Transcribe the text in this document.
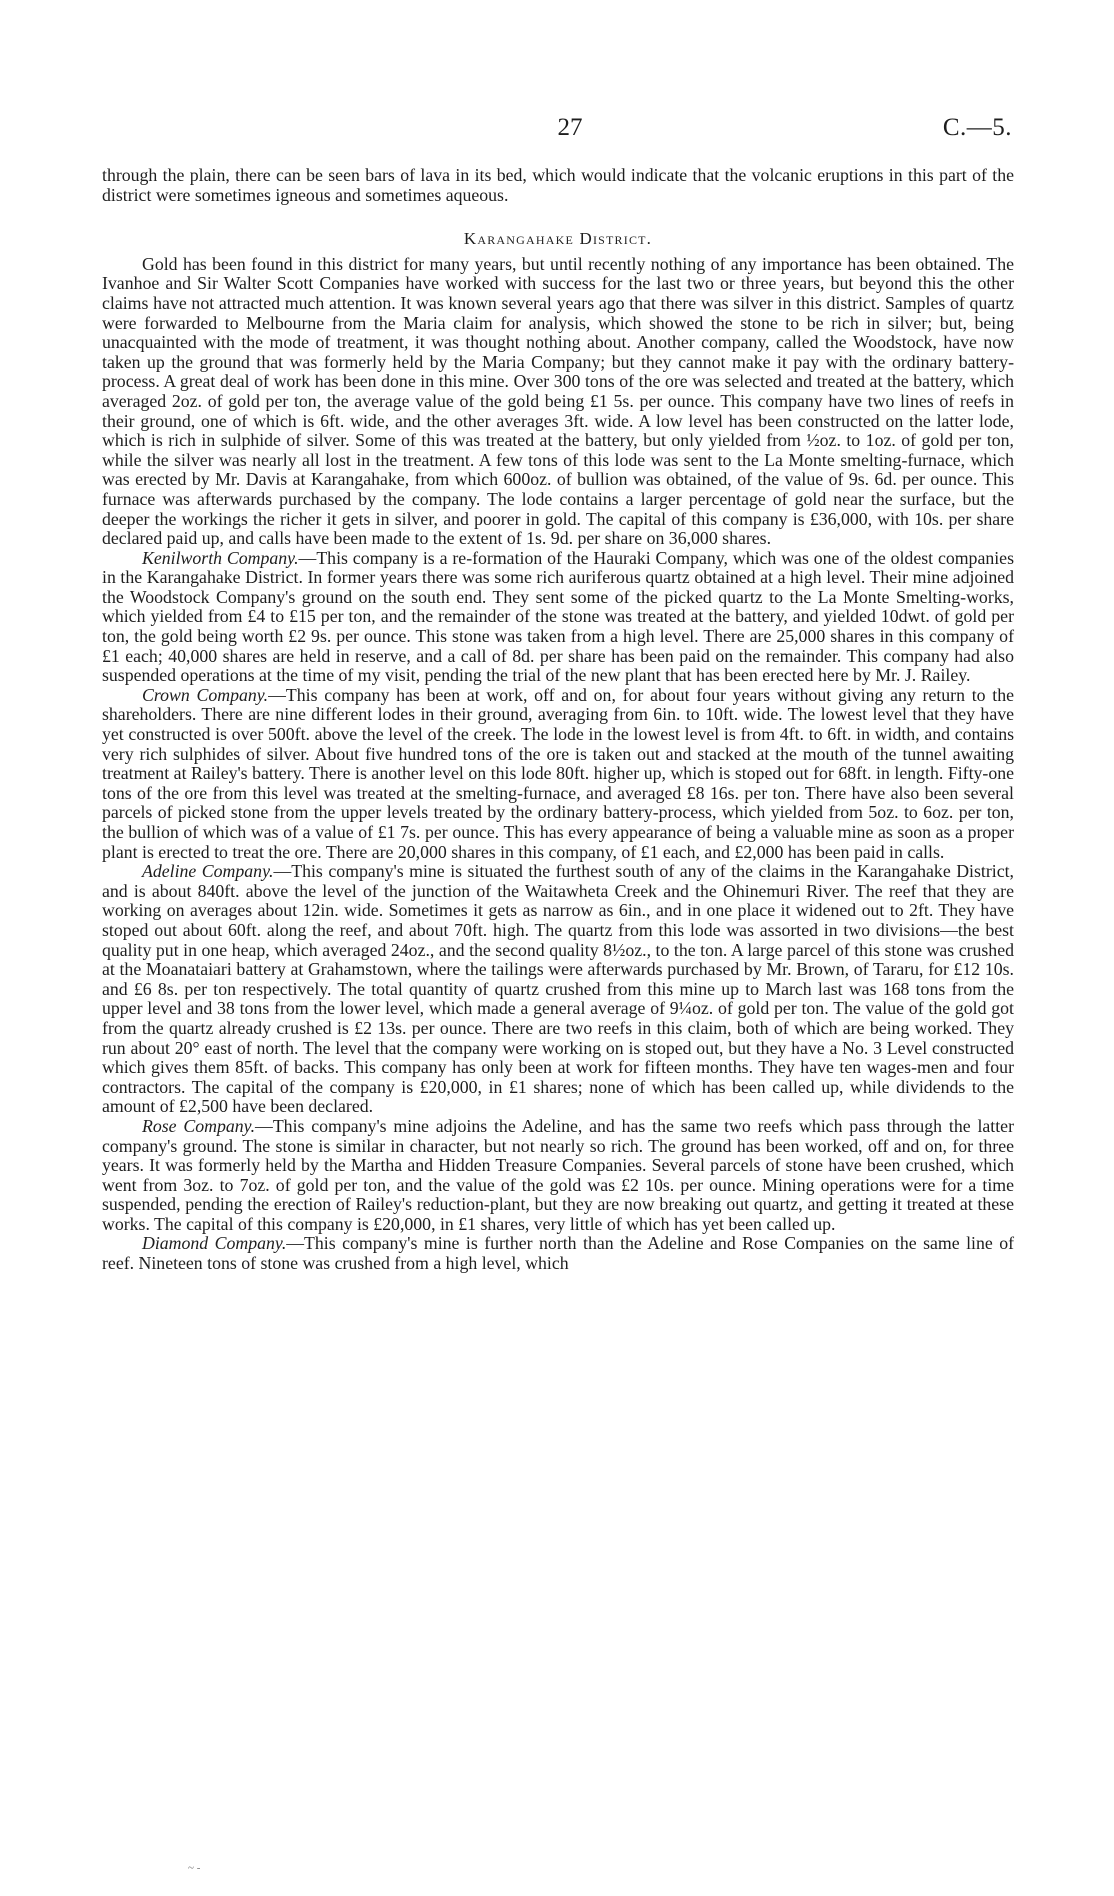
27	C.—5.

through the plain, there can be seen bars of lava in its bed, which would indicate that the volcanic eruptions in this part of the district were sometimes igneous and sometimes aqueous.

Karangahake District.

Gold has been found in this district for many years, but until recently nothing of any importance has been obtained. The Ivanhoe and Sir Walter Scott Companies have worked with success for the last two or three years, but beyond this the other claims have not attracted much attention. It was known several years ago that there was silver in this district. Samples of quartz were forwarded to Melbourne from the Maria claim for analysis, which showed the stone to be rich in silver; but, being unacquainted with the mode of treatment, it was thought nothing about. Another company, called the Woodstock, have now taken up the ground that was formerly held by the Maria Company; but they cannot make it pay with the ordinary battery-process. A great deal of work has been done in this mine. Over 300 tons of the ore was selected and treated at the battery, which averaged 2oz. of gold per ton, the average value of the gold being £1 5s. per ounce. This company have two lines of reefs in their ground, one of which is 6ft. wide, and the other averages 3ft. wide. A low level has been constructed on the latter lode, which is rich in sulphide of silver. Some of this was treated at the battery, but only yielded from ½oz. to 1oz. of gold per ton, while the silver was nearly all lost in the treatment. A few tons of this lode was sent to the La Monte smelting-furnace, which was erected by Mr. Davis at Karangahake, from which 600oz. of bullion was obtained, of the value of 9s. 6d. per ounce. This furnace was afterwards purchased by the company. The lode contains a larger percentage of gold near the surface, but the deeper the workings the richer it gets in silver, and poorer in gold. The capital of this company is £36,000, with 10s. per share declared paid up, and calls have been made to the extent of 1s. 9d. per share on 36,000 shares.

Kenilworth Company.—This company is a re-formation of the Hauraki Company, which was one of the oldest companies in the Karangahake District. In former years there was some rich auriferous quartz obtained at a high level. Their mine adjoined the Woodstock Company's ground on the south end. They sent some of the picked quartz to the La Monte Smelting-works, which yielded from £4 to £15 per ton, and the remainder of the stone was treated at the battery, and yielded 10dwt. of gold per ton, the gold being worth £2 9s. per ounce. This stone was taken from a high level. There are 25,000 shares in this company of £1 each; 40,000 shares are held in reserve, and a call of 8d. per share has been paid on the remainder. This company had also suspended operations at the time of my visit, pending the trial of the new plant that has been erected here by Mr. J. Railey.

Crown Company.—This company has been at work, off and on, for about four years without giving any return to the shareholders. There are nine different lodes in their ground, averaging from 6in. to 10ft. wide. The lowest level that they have yet constructed is over 500ft. above the level of the creek. The lode in the lowest level is from 4ft. to 6ft. in width, and contains very rich sulphides of silver. About five hundred tons of the ore is taken out and stacked at the mouth of the tunnel awaiting treatment at Railey's battery. There is another level on this lode 80ft. higher up, which is stoped out for 68ft. in length. Fifty-one tons of the ore from this level was treated at the smelting-furnace, and averaged £8 16s. per ton. There have also been several parcels of picked stone from the upper levels treated by the ordinary battery-process, which yielded from 5oz. to 6oz. per ton, the bullion of which was of a value of £1 7s. per ounce. This has every appearance of being a valuable mine as soon as a proper plant is erected to treat the ore. There are 20,000 shares in this company, of £1 each, and £2,000 has been paid in calls.

Adeline Company.—This company's mine is situated the furthest south of any of the claims in the Karangahake District, and is about 840ft. above the level of the junction of the Waitawheta Creek and the Ohinemuri River. The reef that they are working on averages about 12in. wide. Sometimes it gets as narrow as 6in., and in one place it widened out to 2ft. They have stoped out about 60ft. along the reef, and about 70ft. high. The quartz from this lode was assorted in two divisions—the best quality put in one heap, which averaged 24oz., and the second quality 8½oz., to the ton. A large parcel of this stone was crushed at the Moanataiari battery at Grahamstown, where the tailings were afterwards purchased by Mr. Brown, of Tararu, for £12 10s. and £6 8s. per ton respectively. The total quantity of quartz crushed from this mine up to March last was 168 tons from the upper level and 38 tons from the lower level, which made a general average of 9¼oz. of gold per ton. The value of the gold got from the quartz already crushed is £2 13s. per ounce. There are two reefs in this claim, both of which are being worked. They run about 20° east of north. The level that the company were working on is stoped out, but they have a No. 3 Level constructed which gives them 85ft. of backs. This company has only been at work for fifteen months. They have ten wages-men and four contractors. The capital of the company is £20,000, in £1 shares; none of which has been called up, while dividends to the amount of £2,500 have been declared.

Rose Company.—This company's mine adjoins the Adeline, and has the same two reefs which pass through the latter company's ground. The stone is similar in character, but not nearly so rich. The ground has been worked, off and on, for three years. It was formerly held by the Martha and Hidden Treasure Companies. Several parcels of stone have been crushed, which went from 3oz. to 7oz. of gold per ton, and the value of the gold was £2 10s. per ounce. Mining operations were for a time suspended, pending the erection of Railey's reduction-plant, but they are now breaking out quartz, and getting it treated at these works. The capital of this company is £20,000, in £1 shares, very little of which has yet been called up.

Diamond Company.—This company's mine is further north than the Adeline and Rose Companies on the same line of reef. Nineteen tons of stone was crushed from a high level, which

~ -
